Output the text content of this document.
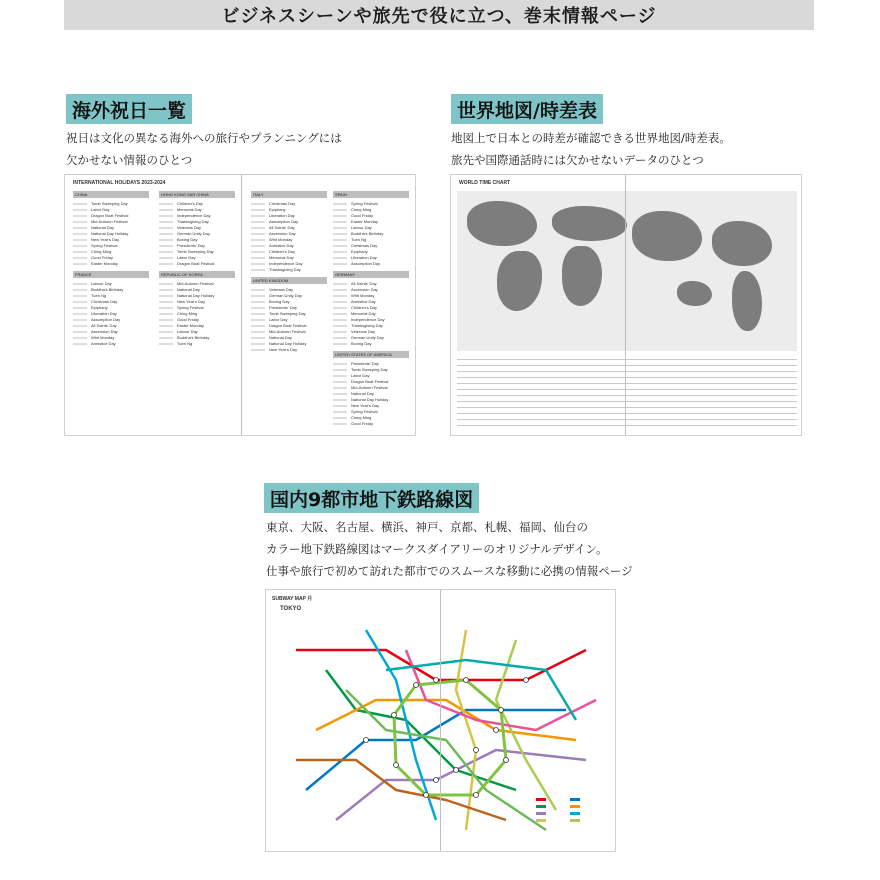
ビジネスシーンや旅先で役に立つ、巻末情報ページ
海外祝日一覧
祝日は文化の異なる海外への旅行やプランニングには
欠かせない情報のひとつ
INTERNATIONAL HOLIDAYS 2023-2024
CHINA
Tomb Sweeping Day
Labor Day
Dragon Boat Festival
Mid-Autumn Festival
National Day
National Day Holiday
New Year's Day
Spring Festival
Ching Ming
Good Friday
Easter Monday
FRANCE
Labour Day
Buddha's Birthday
Tuen Ng
Christmas Day
Epiphany
Liberation Day
Assumption Day
All Saints' Day
Ascension Day
Whit Monday
Armistice Day
HONG KONG SAR CHINA
Children's Day
Memorial Day
Independence Day
Thanksgiving Day
Veterans Day
German Unity Day
Boxing Day
Presidents' Day
Tomb Sweeping Day
Labor Day
Dragon Boat Festival
REPUBLIC OF KOREA
Mid-Autumn Festival
National Day
National Day Holiday
New Year's Day
Spring Festival
Ching Ming
Good Friday
Easter Monday
Labour Day
Buddha's Birthday
Tuen Ng
ITALY
Christmas Day
Epiphany
Liberation Day
Assumption Day
All Saints' Day
Ascension Day
Whit Monday
Armistice Day
Children's Day
Memorial Day
Independence Day
Thanksgiving Day
UNITED KINGDOM
Veterans Day
German Unity Day
Boxing Day
Presidents' Day
Tomb Sweeping Day
Labor Day
Dragon Boat Festival
Mid-Autumn Festival
National Day
National Day Holiday
New Year's Day
SPAIN
Spring Festival
Ching Ming
Good Friday
Easter Monday
Labour Day
Buddha's Birthday
Tuen Ng
Christmas Day
Epiphany
Liberation Day
Assumption Day
GERMANY
All Saints' Day
Ascension Day
Whit Monday
Armistice Day
Children's Day
Memorial Day
Independence Day
Thanksgiving Day
Veterans Day
German Unity Day
Boxing Day
UNITED STATES OF AMERICA
Presidents' Day
Tomb Sweeping Day
Labor Day
Dragon Boat Festival
Mid-Autumn Festival
National Day
National Day Holiday
New Year's Day
Spring Festival
Ching Ming
Good Friday
世界地図/時差表
地図上で日本との時差が確認できる世界地図/時差表。
旅先や国際通話時には欠かせないデータのひとつ
WORLD TIME CHART
国内9都市地下鉄路線図
東京、大阪、名古屋、横浜、神戸、京都、札幌、福岡、仙台の
カラー地下鉄路線図はマークスダイアリーのオリジナルデザイン。
仕事や旅行で初めて訪れた都市でのスムースな移動に必携の情報ページ
SUBWAY MAP 月
TOKYO
